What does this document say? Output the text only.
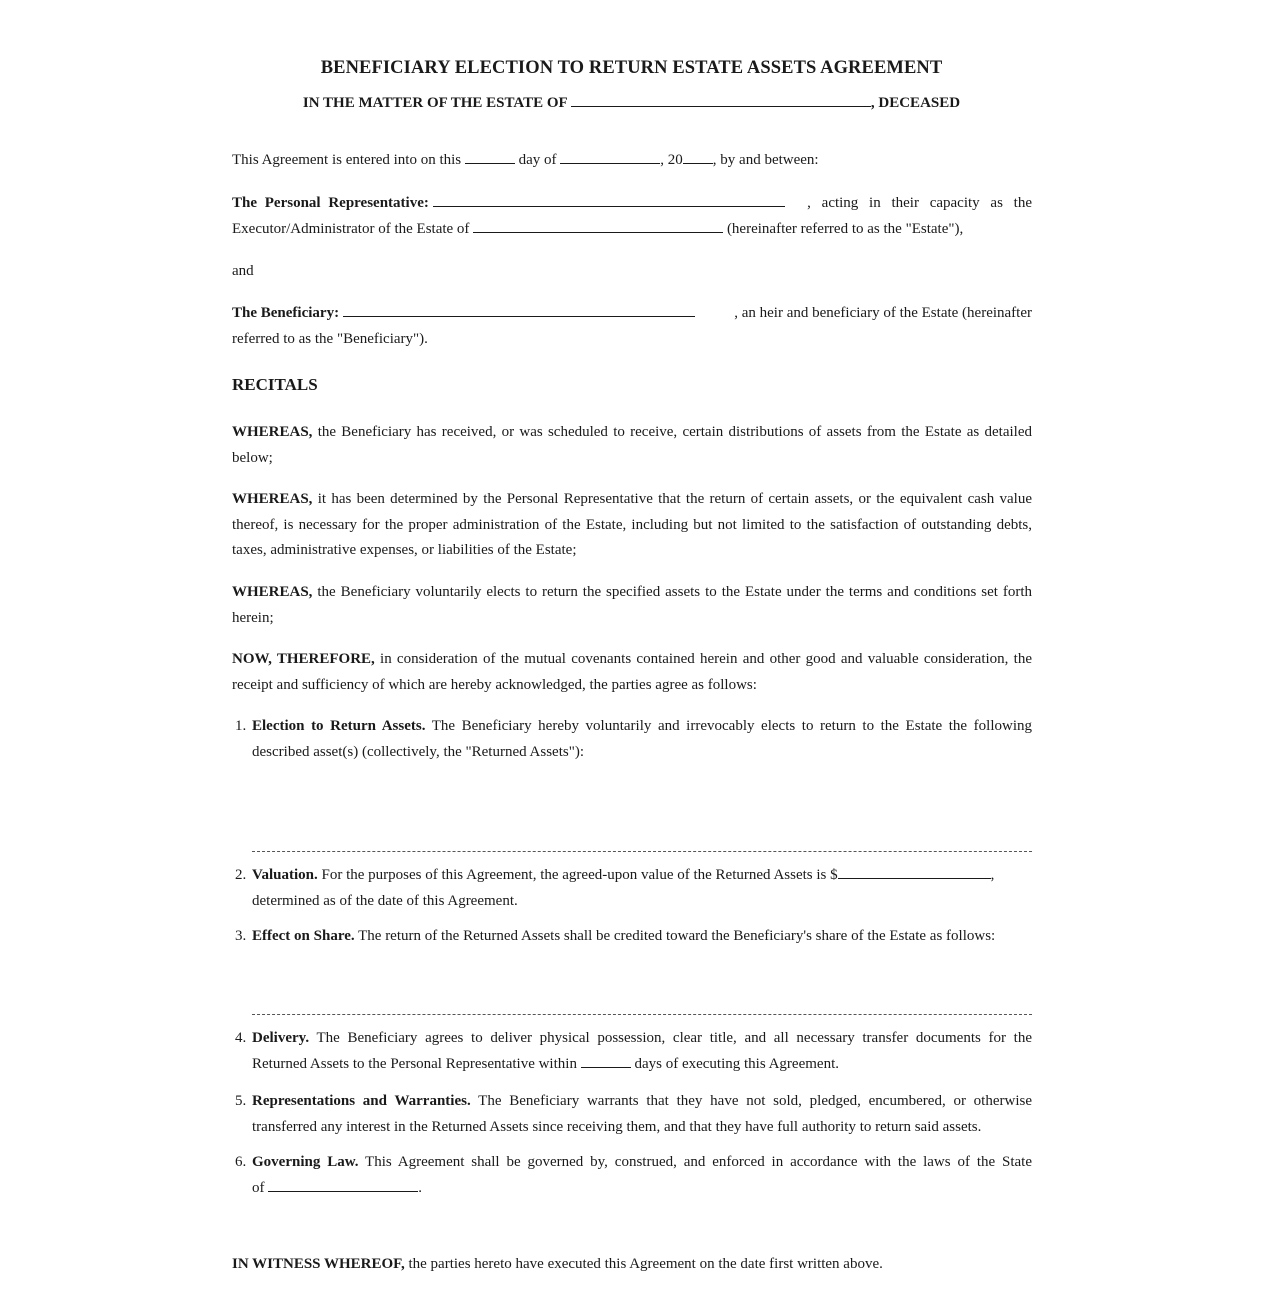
BENEFICIARY ELECTION TO RETURN ESTATE ASSETS AGREEMENT
IN THE MATTER OF THE ESTATE OF	, DECEASED
This Agreement is entered into on this	day of	, 20 , by and between:
The Personal Representative:	, acting in their capacity as the
Executor/Administrator of the Estate of	(hereinafter referred to as the "Estate"),
and
The Beneficiary:	, an heir and beneficiary of the Estate (hereinafter
referred to as the "Beneficiary").
RECITALS
WHEREAS, the Beneficiary has received, or was scheduled to receive, certain distributions of assets from the Estate as detailed below;
WHEREAS, it has been determined by the Personal Representative that the return of certain assets, or the equivalent cash value thereof, is necessary for the proper administration of the Estate, including but not limited to the satisfaction of outstanding debts, taxes, administrative expenses, or liabilities of the Estate;
WHEREAS, the Beneficiary voluntarily elects to return the specified assets to the Estate under the terms and conditions set forth herein;
NOW, THEREFORE, in consideration of the mutual covenants contained herein and other good and valuable consideration, the receipt and sufficiency of which are hereby acknowledged, the parties agree as follows:
1. Election to Return Assets. The Beneficiary hereby voluntarily and irrevocably elects to return to the Estate the following described asset(s) (collectively, the "Returned Assets"):
2. Valuation. For the purposes of this Agreement, the agreed-upon value of the Returned Assets is $	,
determined as of the date of this Agreement.
3. Effect on Share. The return of the Returned Assets shall be credited toward the Beneficiary's share of the Estate as follows:
4. Delivery. The Beneficiary agrees to deliver physical possession, clear title, and all necessary transfer documents for the
Returned Assets to the Personal Representative within	days of executing this Agreement.
5. Representations and Warranties. The Beneficiary warrants that they have not sold, pledged, encumbered, or otherwise transferred any interest in the Returned Assets since receiving them, and that they have full authority to return said assets.
6. Governing Law. This Agreement shall be governed by, construed, and enforced in accordance with the laws of the State
of	.
IN WITNESS WHEREOF, the parties hereto have executed this Agreement on the date first written above.
